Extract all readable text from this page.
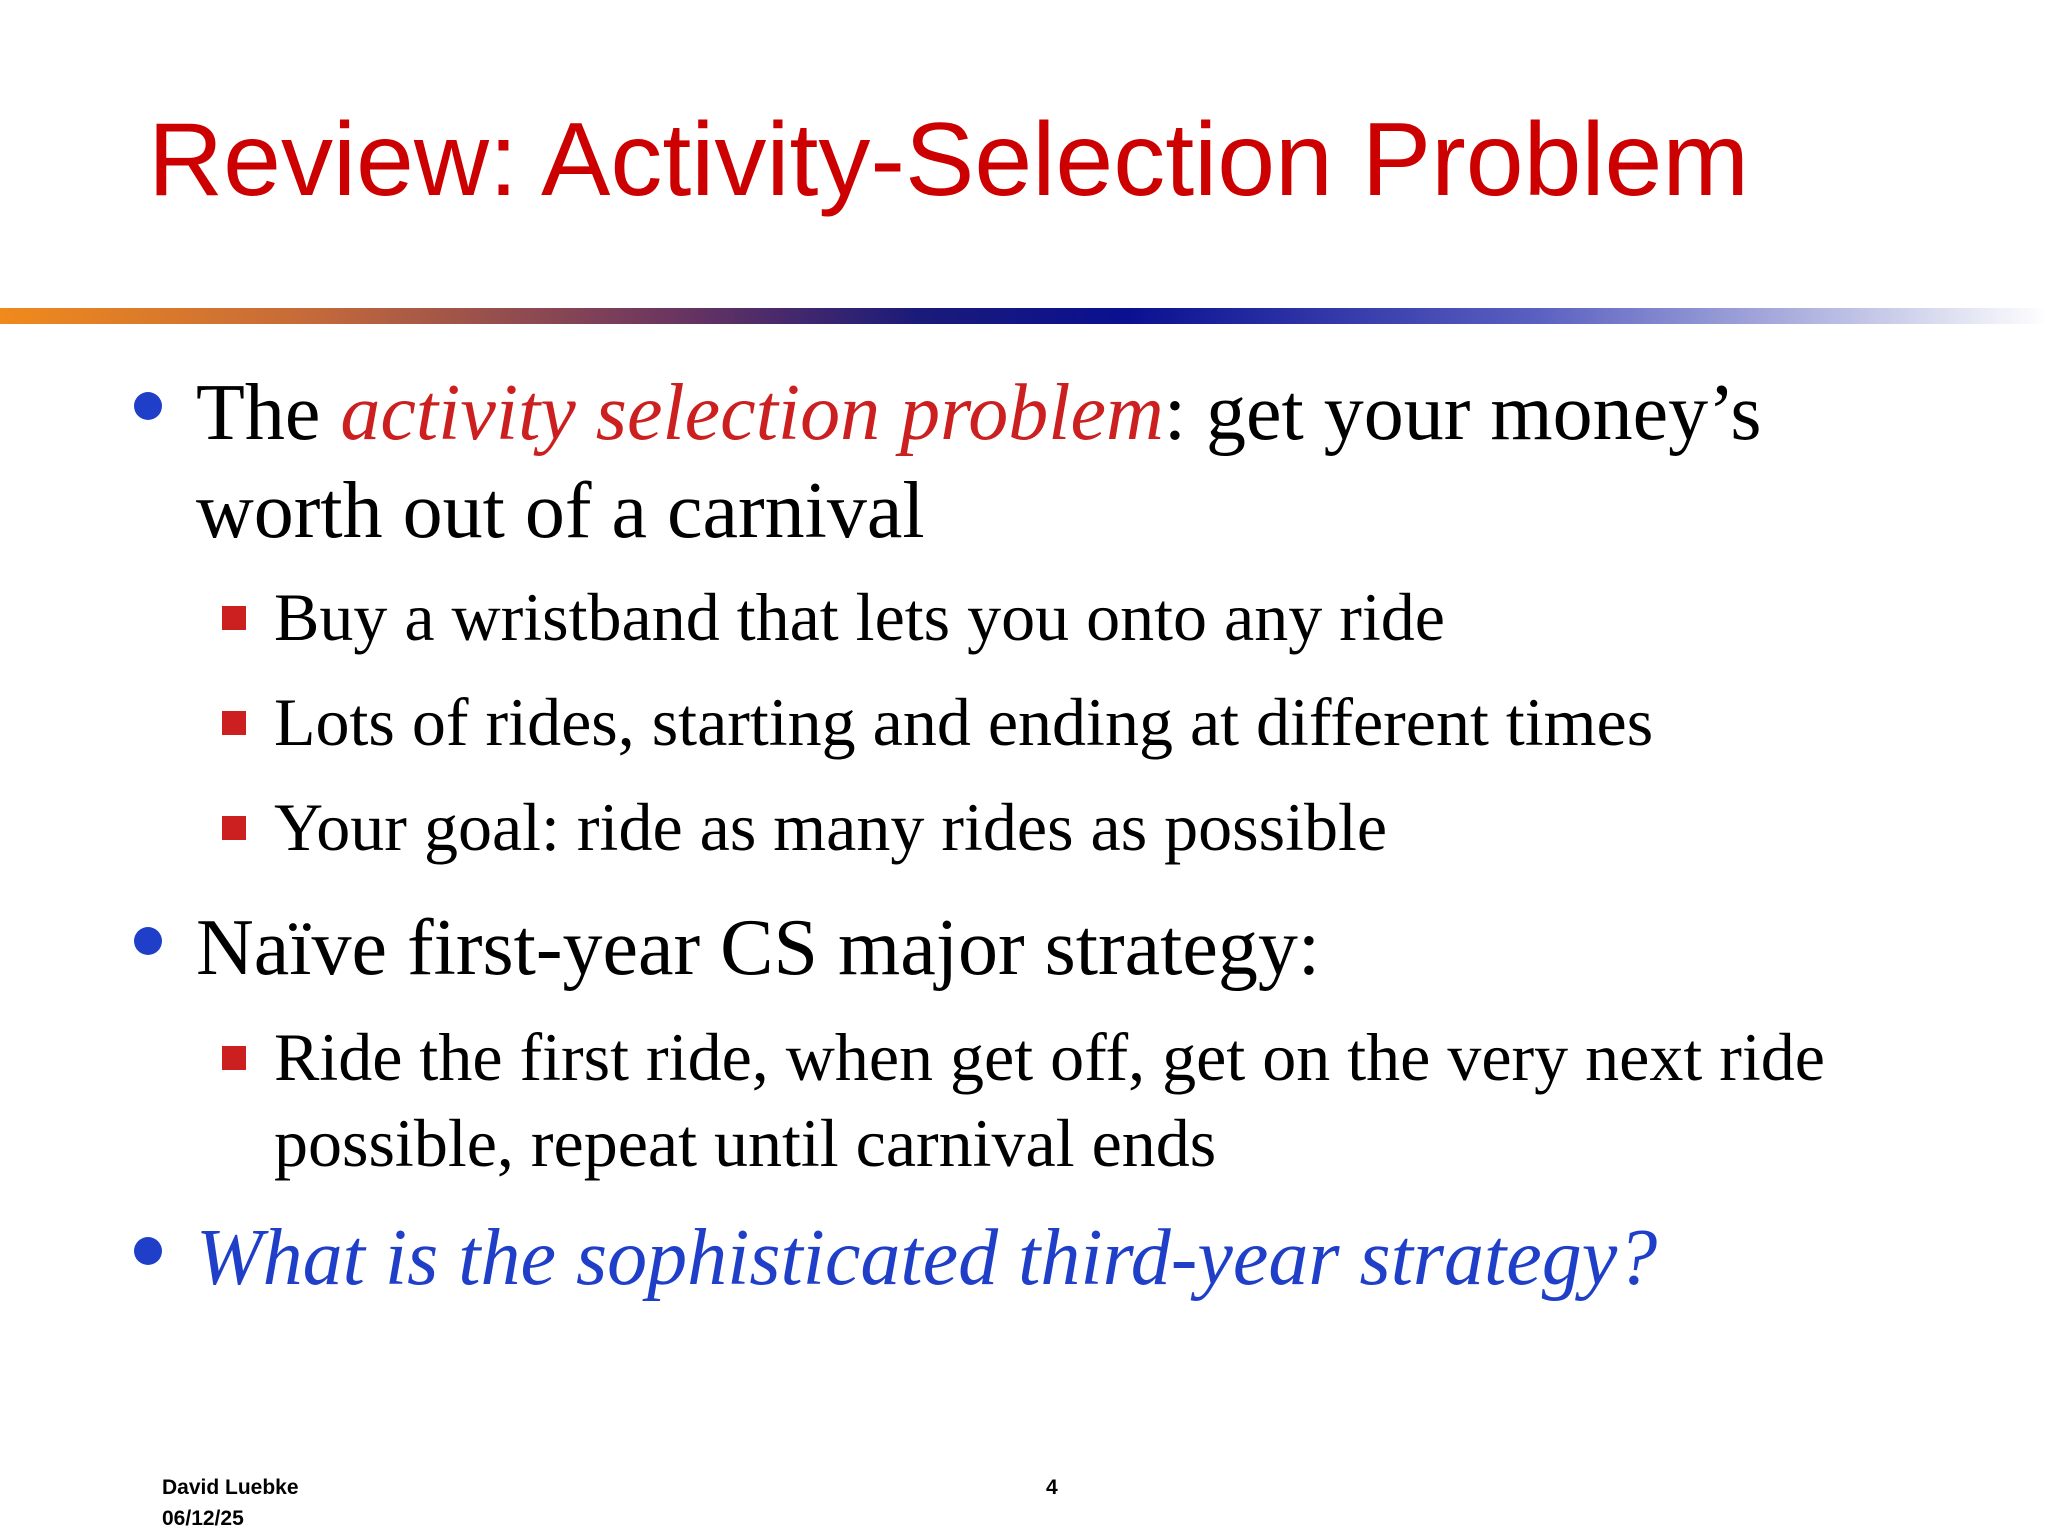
Review: Activity-Selection Problem
The activity selection problem: get your money’s worth out of a carnival
Buy a wristband that lets you onto any ride
Lots of rides, starting and ending at different times
Your goal: ride as many rides as possible
Naïve first-year CS major strategy:
Ride the first ride, when get off, get on the very next ride possible, repeat until carnival ends
What is the sophisticated third-year strategy?
David Luebke
06/12/25
4
